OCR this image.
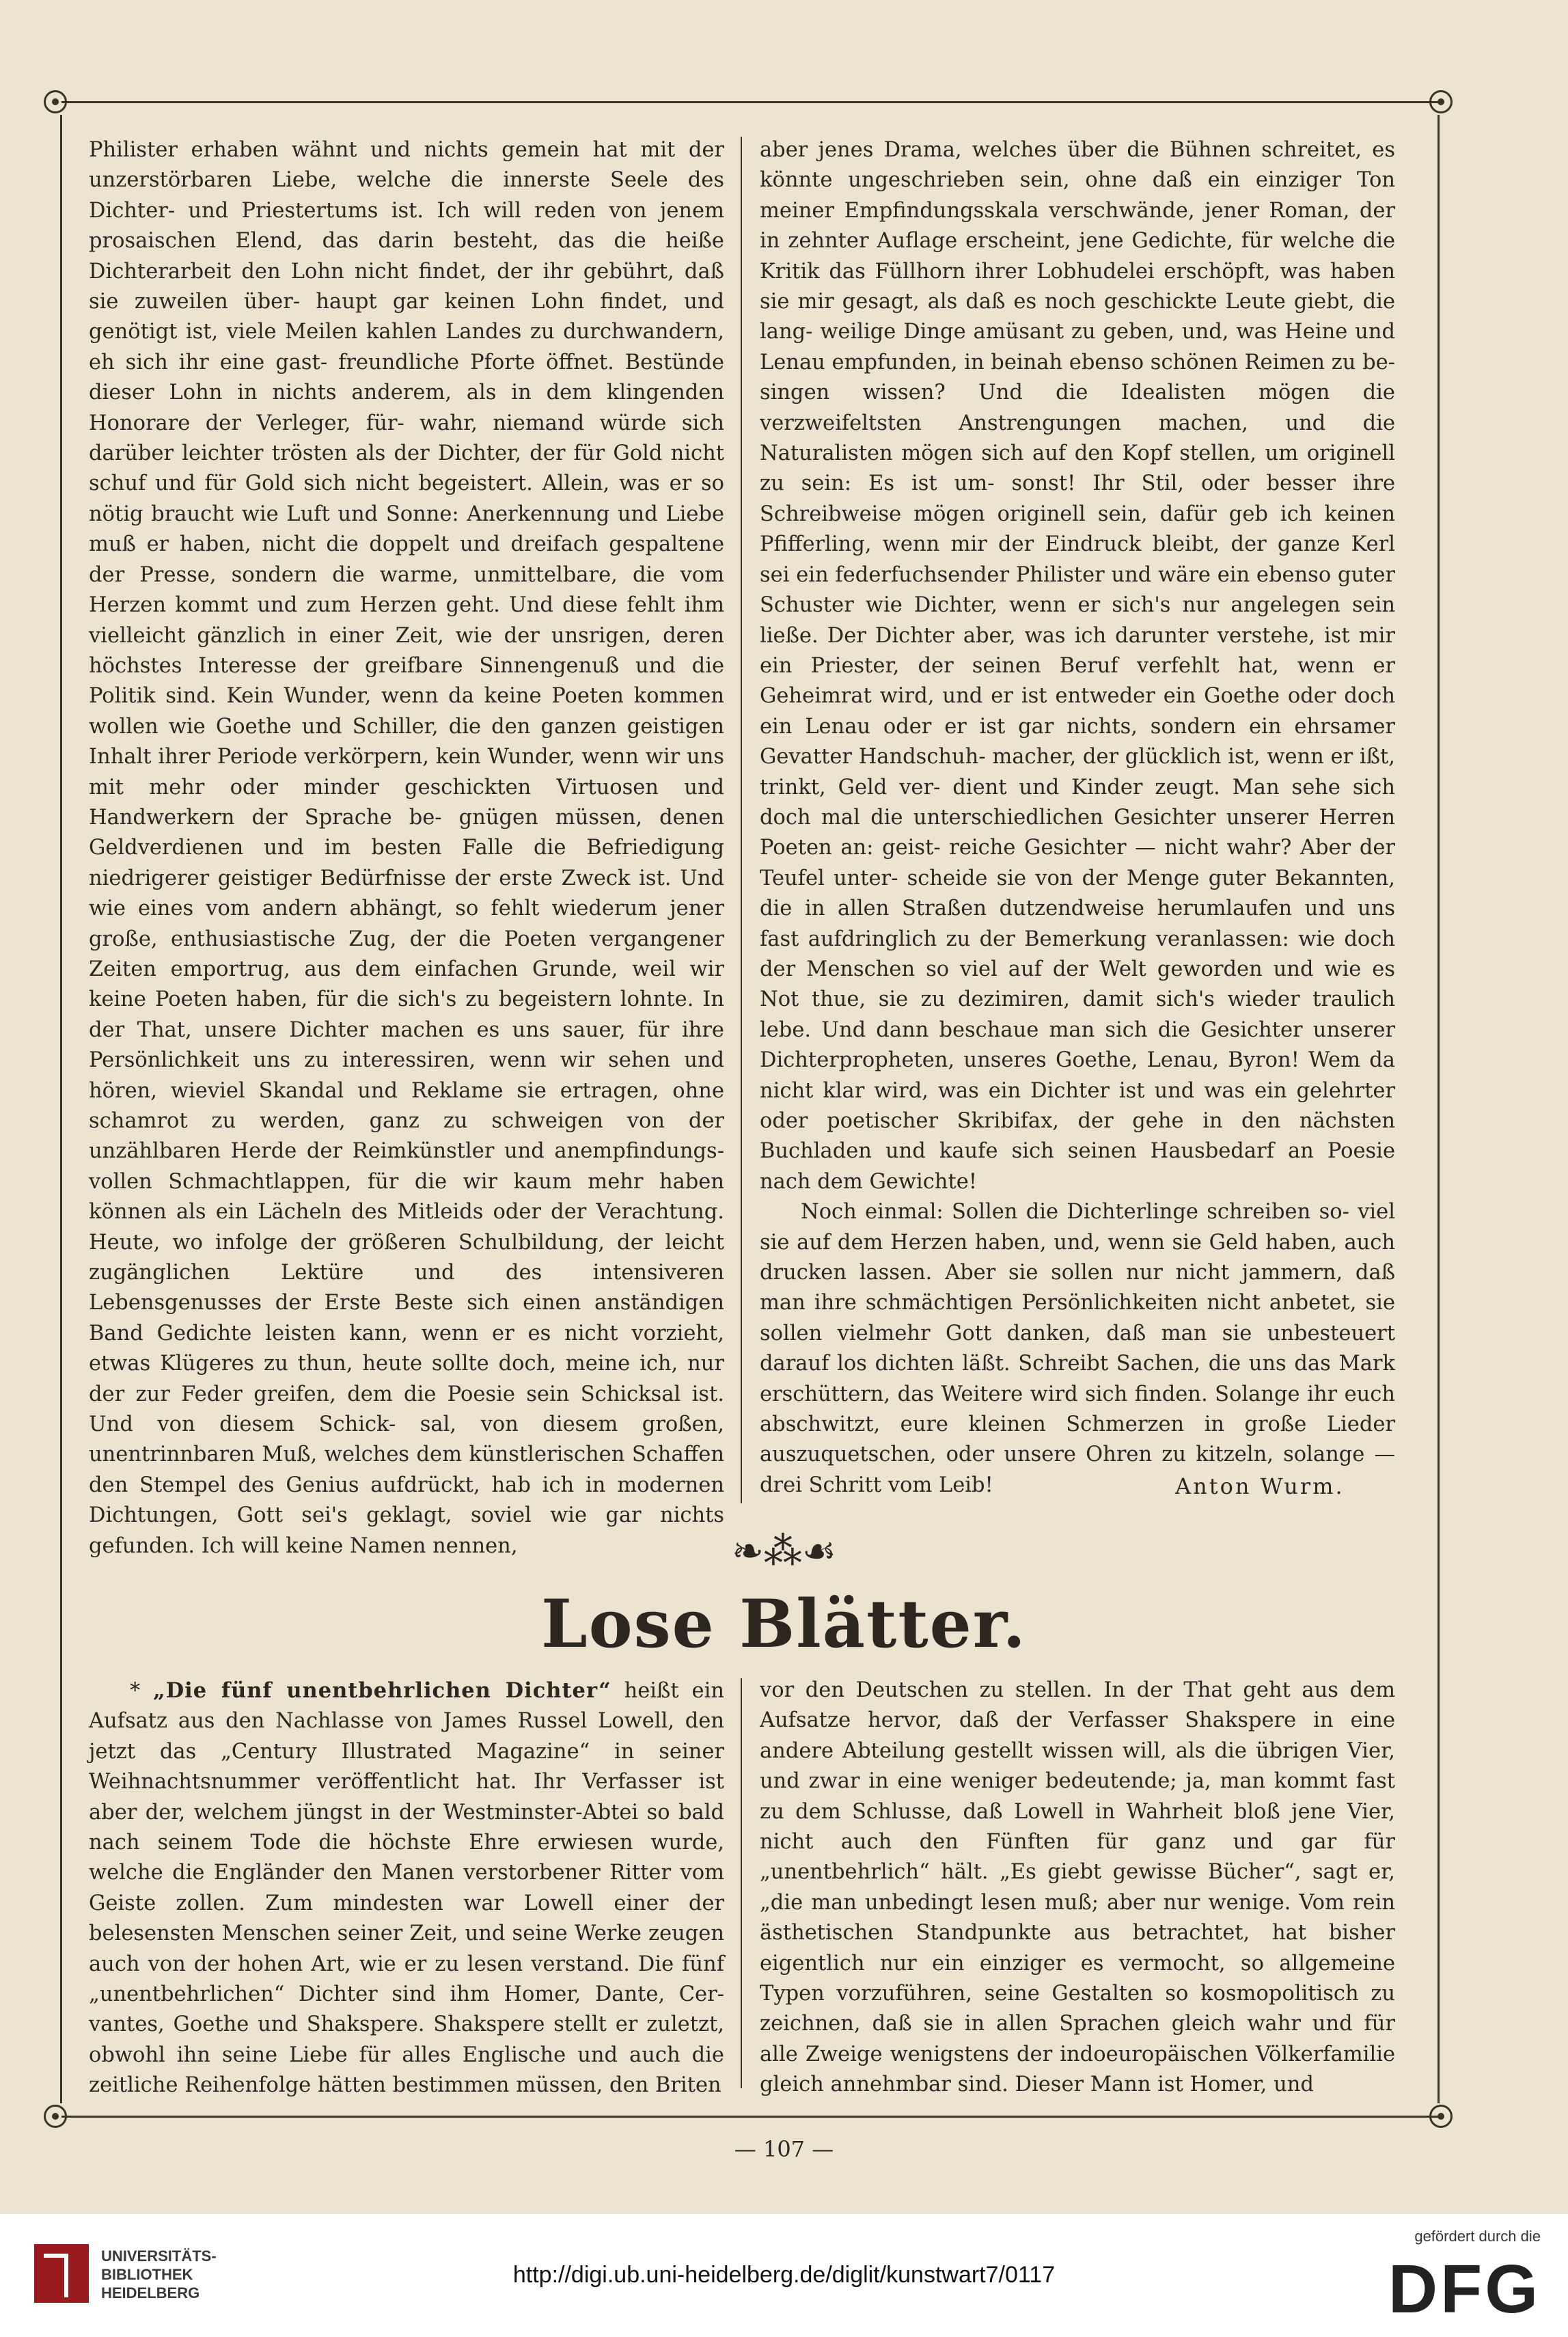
Philister erhaben wähnt und nichts gemein hat mit der unzerstörbaren Liebe, welche die innerste Seele des Dichter- und Priestertums ist. Ich will reden von jenem prosaischen Elend, das darin besteht, das die heiße Dichterarbeit den Lohn nicht findet, der ihr gebührt, daß sie zuweilen über- haupt gar keinen Lohn findet, und genötigt ist, viele Meilen kahlen Landes zu durchwandern, eh sich ihr eine gast- freundliche Pforte öffnet. Bestünde dieser Lohn in nichts anderem, als in dem klingenden Honorare der Verleger, für- wahr, niemand würde sich darüber leichter trösten als der Dichter, der für Gold nicht schuf und für Gold sich nicht begeistert. Allein, was er so nötig braucht wie Luft und Sonne: Anerkennung und Liebe muß er haben, nicht die doppelt und dreifach gespaltene der Presse, sondern die warme, unmittelbare, die vom Herzen kommt und zum Herzen geht. Und diese fehlt ihm vielleicht gänzlich in einer Zeit, wie der unsrigen, deren höchstes Interesse der greifbare Sinnengenuß und die Politik sind. Kein Wunder, wenn da keine Poeten kommen wollen wie Goethe und Schiller, die den ganzen geistigen Inhalt ihrer Periode verkörpern, kein Wunder, wenn wir uns mit mehr oder minder geschickten Virtuosen und Handwerkern der Sprache be- gnügen müssen, denen Geldverdienen und im besten Falle die Befriedigung niedrigerer geistiger Bedürfnisse der erste Zweck ist. Und wie eines vom andern abhängt, so fehlt wiederum jener große, enthusiastische Zug, der die Poeten vergangener Zeiten emportrug, aus dem einfachen Grunde, weil wir keine Poeten haben, für die sich's zu begeistern lohnte. In der That, unsere Dichter machen es uns sauer, für ihre Persönlichkeit uns zu interessiren, wenn wir sehen und hören, wieviel Skandal und Reklame sie ertragen, ohne schamrot zu werden, ganz zu schweigen von der unzählbaren Herde der Reimkünstler und anempfindungs- vollen Schmachtlappen, für die wir kaum mehr haben können als ein Lächeln des Mitleids oder der Verachtung. Heute, wo infolge der größeren Schulbildung, der leicht zugänglichen Lektüre und des intensiveren Lebensgenusses der Erste Beste sich einen anständigen Band Gedichte leisten kann, wenn er es nicht vorzieht, etwas Klügeres zu thun, heute sollte doch, meine ich, nur der zur Feder greifen, dem die Poesie sein Schicksal ist. Und von diesem Schick- sal, von diesem großen, unentrinnbaren Muß, welches dem künstlerischen Schaffen den Stempel des Genius aufdrückt, hab ich in modernen Dichtungen, Gott sei's geklagt, soviel wie gar nichts gefunden. Ich will keine Namen nennen,

aber jenes Drama, welches über die Bühnen schreitet, es könnte ungeschrieben sein, ohne daß ein einziger Ton meiner Empfindungsskala verschwände, jener Roman, der in zehnter Auflage erscheint, jene Gedichte, für welche die Kritik das Füllhorn ihrer Lobhudelei erschöpft, was haben sie mir gesagt, als daß es noch geschickte Leute giebt, die lang- weilige Dinge amüsant zu geben, und, was Heine und Lenau empfunden, in beinah ebenso schönen Reimen zu be- singen wissen? Und die Idealisten mögen die verzweifeltsten Anstrengungen machen, und die Naturalisten mögen sich auf den Kopf stellen, um originell zu sein: Es ist um- sonst! Ihr Stil, oder besser ihre Schreibweise mögen originell sein, dafür geb ich keinen Pfifferling, wenn mir der Eindruck bleibt, der ganze Kerl sei ein federfuchsender Philister und wäre ein ebenso guter Schuster wie Dichter, wenn er sich's nur angelegen sein ließe. Der Dichter aber, was ich darunter verstehe, ist mir ein Priester, der seinen Beruf verfehlt hat, wenn er Geheimrat wird, und er ist entweder ein Goethe oder doch ein Lenau oder er ist gar nichts, sondern ein ehrsamer Gevatter Handschuh- macher, der glücklich ist, wenn er ißt, trinkt, Geld ver- dient und Kinder zeugt. Man sehe sich doch mal die unterschiedlichen Gesichter unserer Herren Poeten an: geist- reiche Gesichter — nicht wahr? Aber der Teufel unter- scheide sie von der Menge guter Bekannten, die in allen Straßen dutzendweise herumlaufen und uns fast aufdringlich zu der Bemerkung veranlassen: wie doch der Menschen so viel auf der Welt geworden und wie es Not thue, sie zu dezimiren, damit sich's wieder traulich lebe. Und dann beschaue man sich die Gesichter unserer Dichterpropheten, unseres Goethe, Lenau, Byron! Wem da nicht klar wird, was ein Dichter ist und was ein gelehrter oder poetischer Skribifax, der gehe in den nächsten Buchladen und kaufe sich seinen Hausbedarf an Poesie nach dem Gewichte!

Noch einmal: Sollen die Dichterlinge schreiben so- viel sie auf dem Herzen haben, und, wenn sie Geld haben, auch drucken lassen. Aber sie sollen nur nicht jammern, daß man ihre schmächtigen Persönlichkeiten nicht anbetet, sie sollen vielmehr Gott danken, daß man sie unbesteuert darauf los dichten läßt. Schreibt Sachen, die uns das Mark erschüttern, das Weitere wird sich finden. Solange ihr euch abschwitzt, eure kleinen Schmerzen in große Lieder auszuquetschen, oder unsere Ohren zu kitzeln, solange — drei Schritt vom Leib!	Anton Wurm.
❧⁂☙
Lose Blätter.

* „Die fünf unentbehrlichen Dichter“ heißt ein Aufsatz aus den Nachlasse von James Russel Lowell, den jetzt das „Century Illustrated Magazine“ in seiner Weihnachtsnummer veröffentlicht hat. Ihr Verfasser ist aber der, welchem jüngst in der Westminster-Abtei so bald nach seinem Tode die höchste Ehre erwiesen wurde, welche die Engländer den Manen verstorbener Ritter vom Geiste zollen. Zum mindesten war Lowell einer der belesensten Menschen seiner Zeit, und seine Werke zeugen auch von der hohen Art, wie er zu lesen verstand. Die fünf „unentbehrlichen“ Dichter sind ihm Homer, Dante, Cer- vantes, Goethe und Shakspere. Shakspere stellt er zuletzt, obwohl ihn seine Liebe für alles Englische und auch die zeitliche Reihenfolge hätten bestimmen müssen, den Briten

vor den Deutschen zu stellen. In der That geht aus dem Aufsatze hervor, daß der Verfasser Shakspere in eine andere Abteilung gestellt wissen will, als die übrigen Vier, und zwar in eine weniger bedeutende; ja, man kommt fast zu dem Schlusse, daß Lowell in Wahrheit bloß jene Vier, nicht auch den Fünften für ganz und gar für „unentbehrlich“ hält. „Es giebt gewisse Bücher“, sagt er, „die man unbedingt lesen muß; aber nur wenige. Vom rein ästhetischen Standpunkte aus betrachtet, hat bisher eigentlich nur ein einziger es vermocht, so allgemeine Typen vorzuführen, seine Gestalten so kosmopolitisch zu zeichnen, daß sie in allen Sprachen gleich wahr und für alle Zweige wenigstens der indoeuropäischen Völkerfamilie gleich annehmbar sind. Dieser Mann ist Homer, und

— 107 —
UNIVERSITÄTS-
BIBLIOTHEK
HEIDELBERG
http://digi.ub.uni-heidelberg.de/diglit/kunstwart7/0117
gefördert durch die
DFG
